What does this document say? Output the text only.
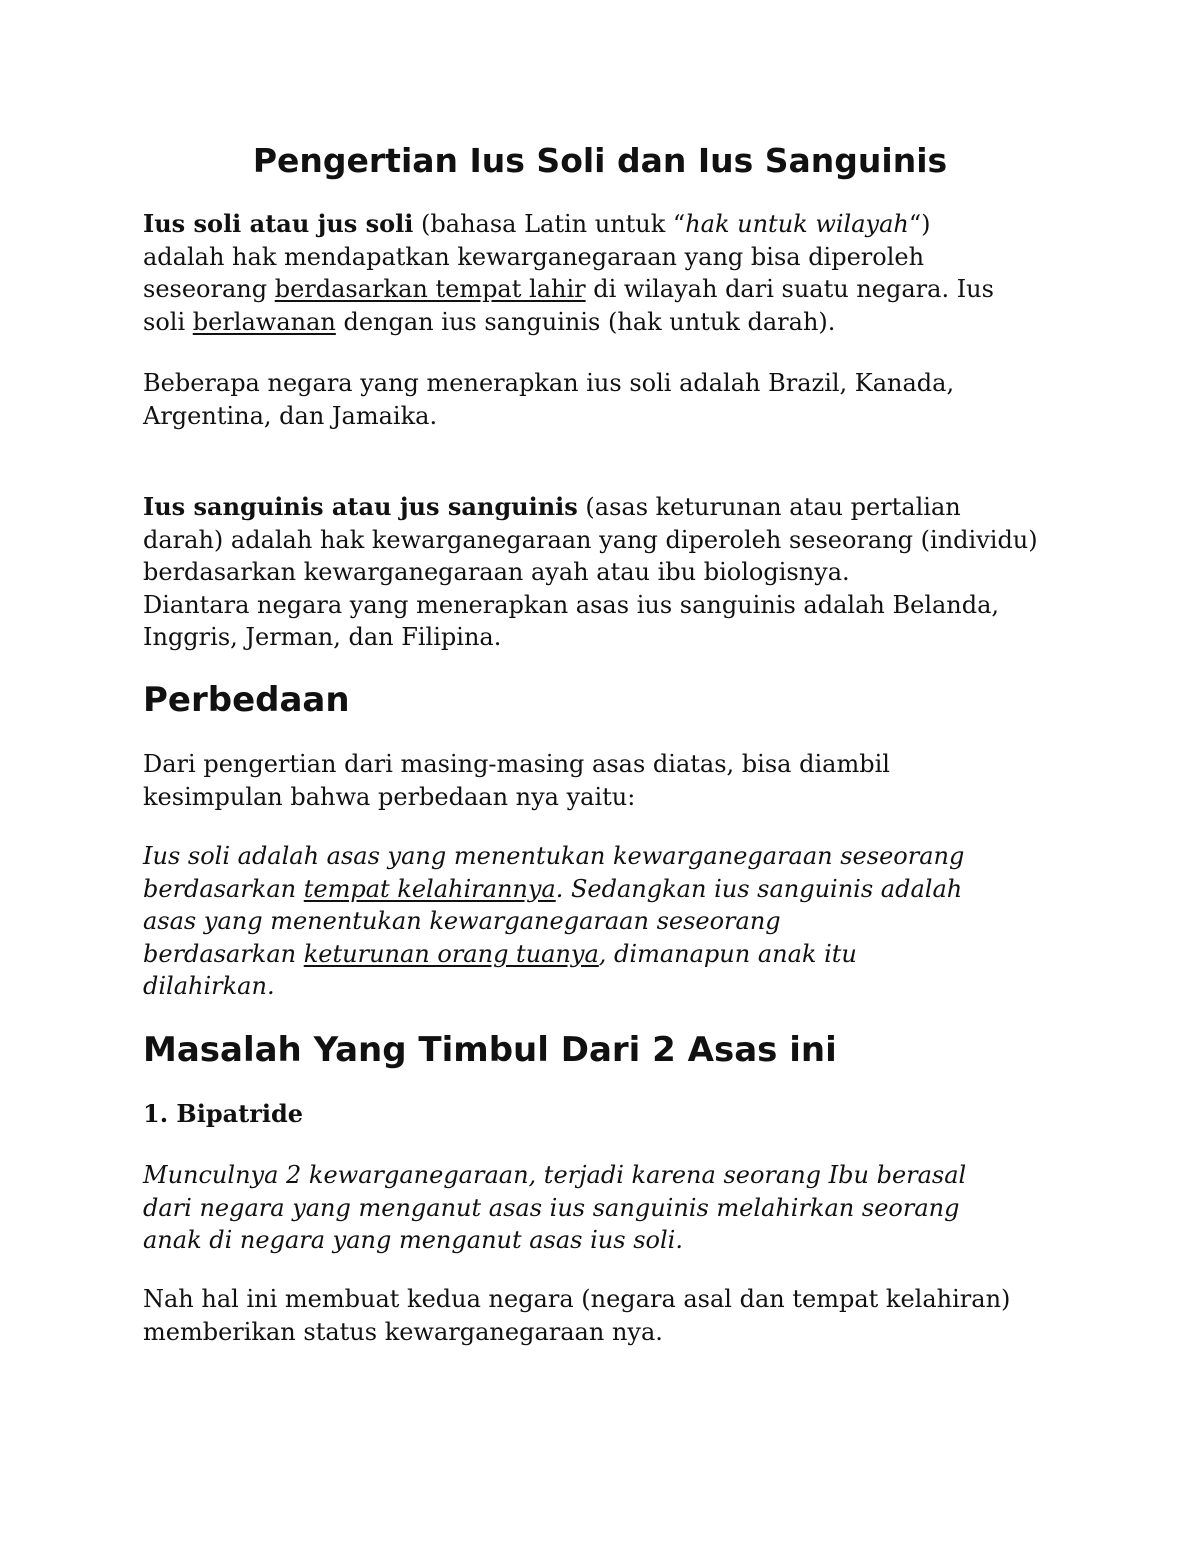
Pengertian Ius Soli dan Ius Sanguinis
Ius soli atau jus soli (bahasa Latin untuk “hak untuk wilayah“)
adalah hak mendapatkan kewarganegaraan yang bisa diperoleh
seseorang berdasarkan tempat lahir di wilayah dari suatu negara. Ius
soli berlawanan dengan ius sanguinis (hak untuk darah).
Beberapa negara yang menerapkan ius soli adalah Brazil, Kanada,
Argentina, dan Jamaika.
Ius sanguinis atau jus sanguinis (asas keturunan atau pertalian
darah) adalah hak kewarganegaraan yang diperoleh seseorang (individu)
berdasarkan kewarganegaraan ayah atau ibu biologisnya.
Diantara negara yang menerapkan asas ius sanguinis adalah Belanda,
Inggris, Jerman, dan Filipina.
Perbedaan
Dari pengertian dari masing-masing asas diatas, bisa diambil
kesimpulan bahwa perbedaan nya yaitu:
Ius soli adalah asas yang menentukan kewarganegaraan seseorang
berdasarkan tempat kelahirannya. Sedangkan ius sanguinis adalah
asas yang menentukan kewarganegaraan seseorang
berdasarkan keturunan orang tuanya, dimanapun anak itu
dilahirkan.
Masalah Yang Timbul Dari 2 Asas ini
1. Bipatride
Munculnya 2 kewarganegaraan, terjadi karena seorang Ibu berasal
dari negara yang menganut asas ius sanguinis melahirkan seorang
anak di negara yang menganut asas ius soli.
Nah hal ini membuat kedua negara (negara asal dan tempat kelahiran)
memberikan status kewarganegaraan nya.
